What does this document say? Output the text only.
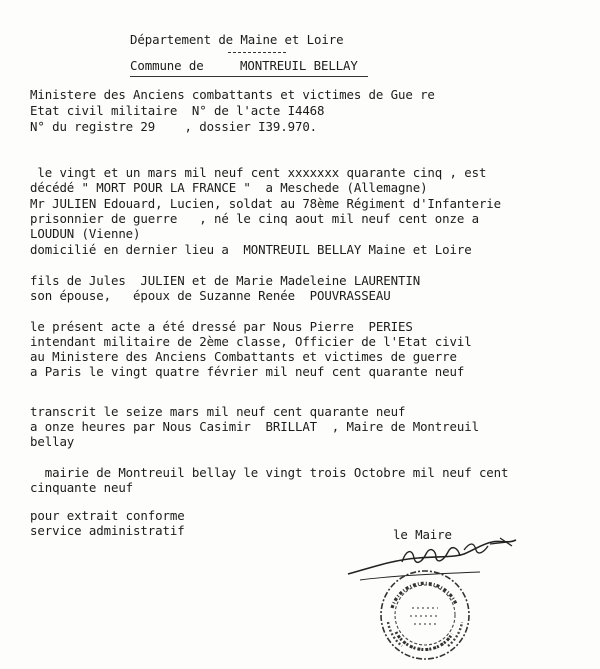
Département de Maine et Loire
Commune de	MONTREUIL BELLAY
Ministere des Anciens combattants et victimes de Gue re
Etat civil militaire  N° de l'acte I4468
N° du registre 29    , dossier I39.970.
le vingt et un mars mil neuf cent xxxxxxx quarante cinq , est
décédé " MORT POUR LA FRANCE "  a Meschede (Allemagne)
Mr JULIEN Edouard, Lucien, soldat au 78ème Régiment d'Infanterie
prisonnier de guerre   , né le cinq aout mil neuf cent onze a
LOUDUN (Vienne)
domicilié en dernier lieu a  MONTREUIL BELLAY Maine et Loire
fils de Jules  JULIEN et de Marie Madeleine LAURENTIN
son épouse,   époux de Suzanne Renée  POUVRASSEAU
le présent acte a été dressé par Nous Pierre  PERIES
intendant militaire de 2ème classe, Officier de l'Etat civil
au Ministere des Anciens Combattants et victimes de guerre
a Paris le vingt quatre février mil neuf cent quarante neuf
transcrit le seize mars mil neuf cent quarante neuf
a onze heures par Nous Casimir  BRILLAT  , Maire de Montreuil
bellay
mairie de Montreuil bellay le vingt trois Octobre mil neuf cent
cinquante neuf
pour extrait conforme
service administratif	le Maire
